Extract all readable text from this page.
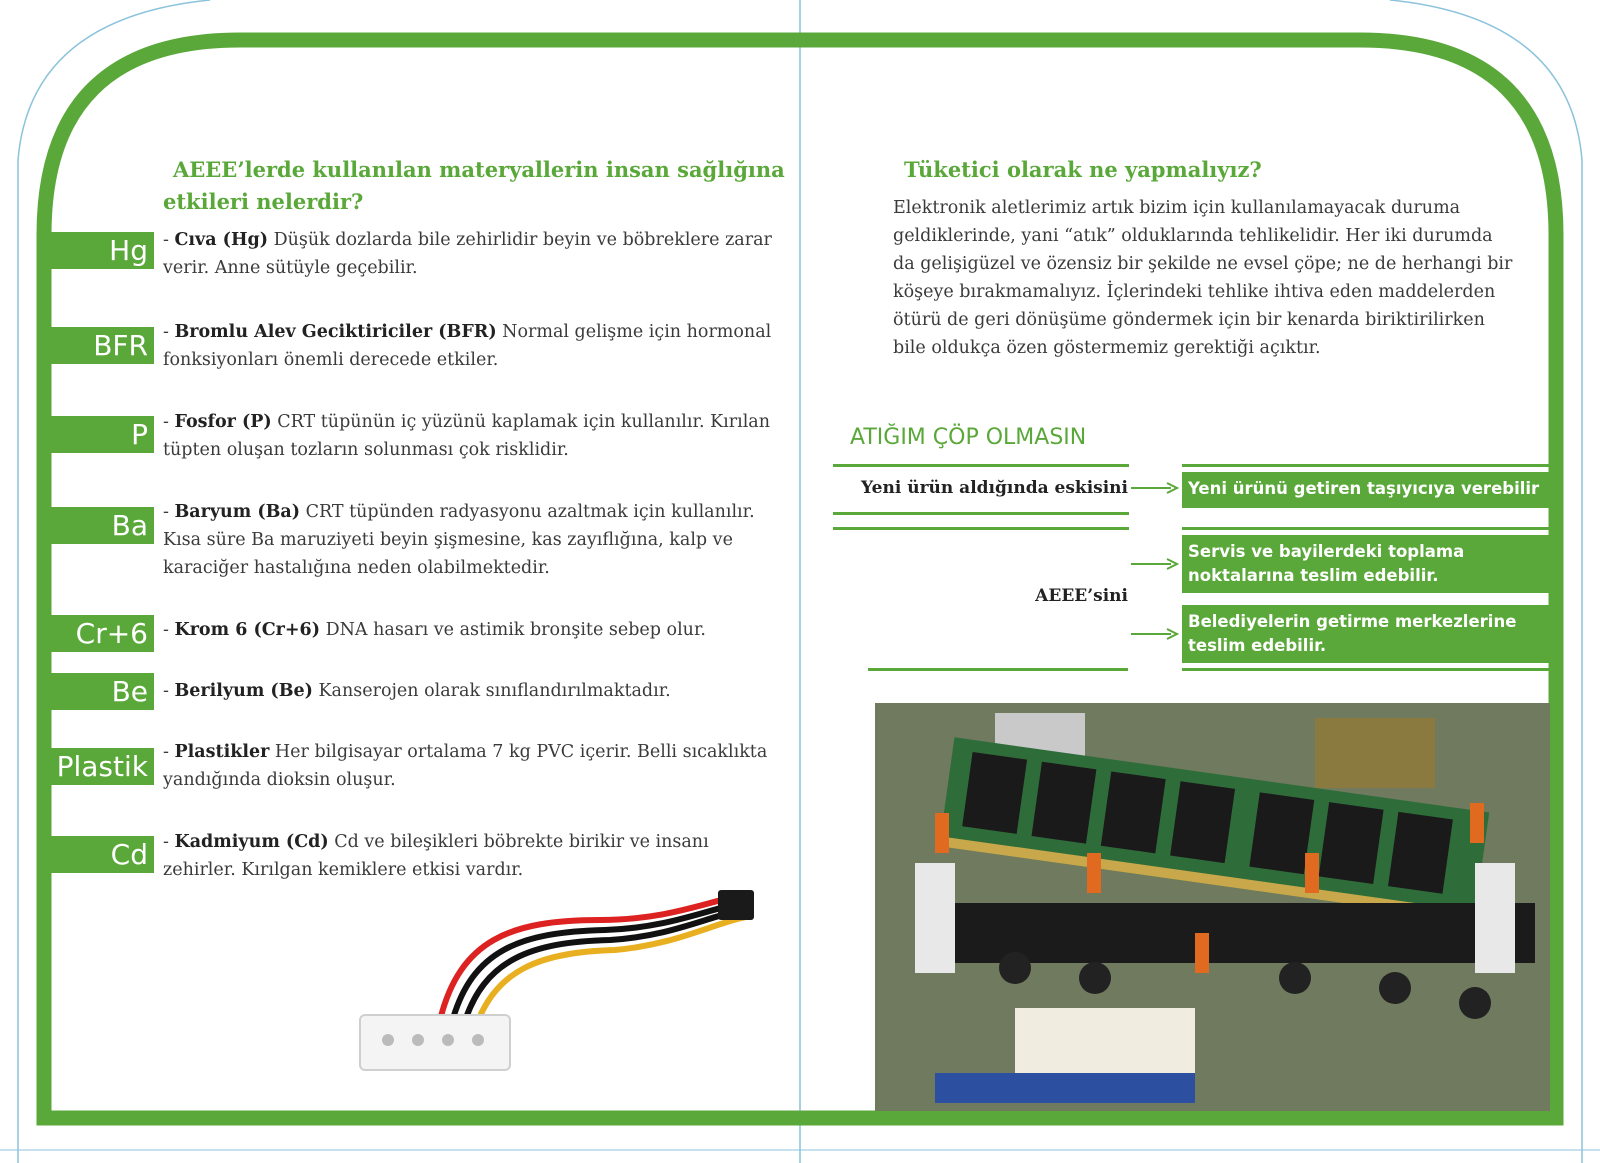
AEEE’lerde kullanılan materyallerin insan sağlığına
etkileri nelerdir?
Hg - Cıva (Hg) Düşük dozlarda bile zehirlidir beyin ve böbreklere zarar verir. Anne sütüyle geçebilir.
BFR - Bromlu Alev Geciktiriciler (BFR) Normal gelişme için hormonal fonksiyonları önemli derecede etkiler.
P - Fosfor (P) CRT tüpünün iç yüzünü kaplamak için kullanılır. Kırılan tüpten oluşan tozların solunması çok risklidir.
Ba - Baryum (Ba) CRT tüpünden radyasyonu azaltmak için kullanılır. Kısa süre Ba maruziyeti beyin şişmesine, kas zayıflığına, kalp ve karaciğer hastalığına neden olabilmektedir.
Cr+6 - Krom 6 (Cr+6) DNA hasarı ve astimik bronşite sebep olur.
Be - Berilyum (Be) Kanserojen olarak sınıflandırılmaktadır.
Plastik - Plastikler Her bilgisayar ortalama 7 kg PVC içerir. Belli sıcaklıkta yandığında dioksin oluşur.
Cd - Kadmiyum (Cd) Cd ve bileşikleri böbrekte birikir ve insanı zehirler. Kırılgan kemiklere etkisi vardır.
Tüketici olarak ne yapmalıyız?
Elektronik aletlerimiz artık bizim için kullanılamayacak duruma geldiklerinde, yani “atık” olduklarında tehlikelidir. Her iki durumda da gelişigüzel ve özensiz bir şekilde ne evsel çöpe; ne de herhangi bir köşeye bırakmamalıyız. İçlerindeki tehlike ihtiva eden maddelerden ötürü de geri dönüşüme göndermek için bir kenarda biriktirilirken bile oldukça özen göstermemiz gerektiği açıktır.
ATIĞIM ÇÖP OLMASIN
Yeni ürün aldığında eskisini
AEEE’sini
Yeni ürünü getiren taşıyıcıya verebilir
Servis ve bayilerdeki toplama noktalarına teslim edebilir.
Belediyelerin getirme merkezlerine teslim edebilir.
